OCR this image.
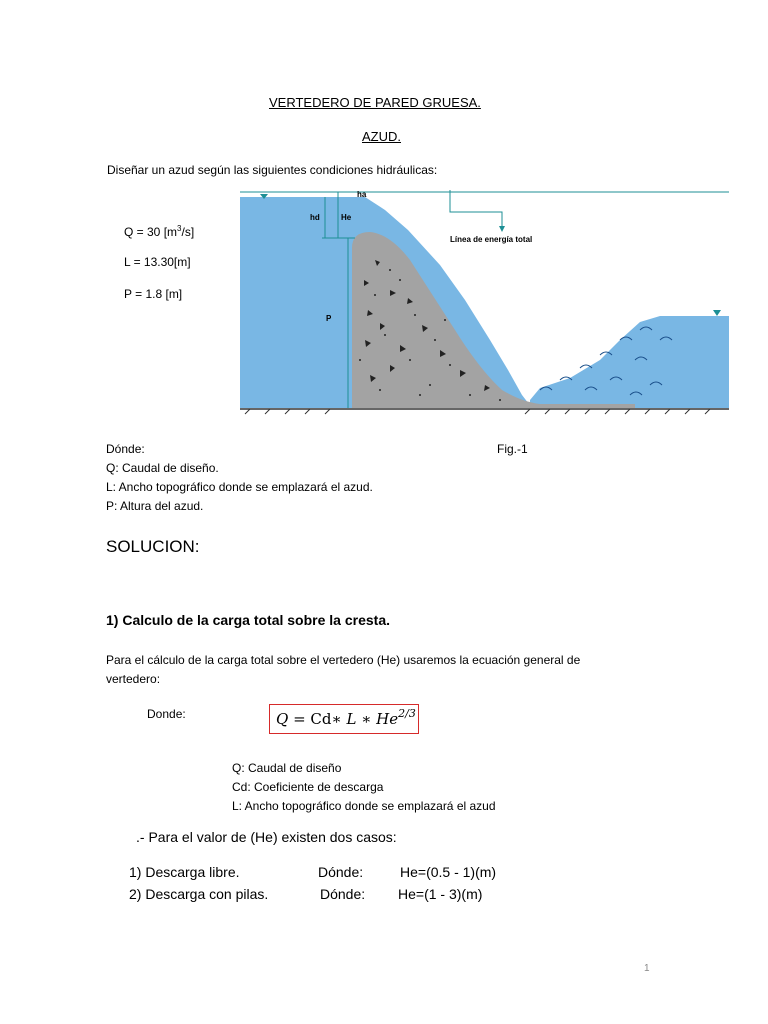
VERTEDERO DE PARED GRUESA.
AZUD.
Diseñar un azud según las siguientes condiciones hidráulicas:
Q = 30 $[m^3/s]$
L = 13.30[m]
P = 1.8 [m]
ha
hd	He
P
Línea de energía total
Dónde:	Fig.-1
Q: Caudal de diseño.
L: Ancho topográfico donde se emplazará el azud.
P: Altura del azud.
SOLUCION:
1) Calculo de la carga total sobre la cresta.
Para el cálculo de la carga total sobre el vertedero (He) usaremos la ecuación general de
vertedero:
Donde:	Q = Cd∗ L ∗ $He^{2/3}$
Q: Caudal de diseño
Cd: Coeficiente de descarga
L: Ancho topográfico donde se emplazará el azud
.- Para el valor de (He) existen dos casos:
1) Descarga libre.	Dónde:	He=(0.5 - 1)(m)
2) Descarga con pilas.	Dónde: He=(1 - 3)(m)
1
